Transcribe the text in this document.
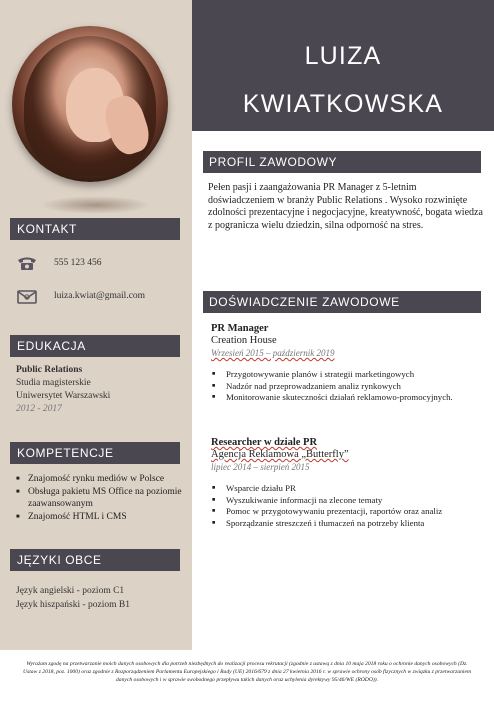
KONTAKT
555 123 456
luiza.kwiat@gmail.com
EDUKACJA
Public Relations
Studia magisterskie
Uniwersytet Warszawski
2012 - 2017
KOMPETENCJE
■ Znajomość rynku mediów w Polsce
■ Obsługa pakietu MS Office na poziomie zaawansowanym
■ Znajomość HTML i CMS
JĘZYKI OBCE
Język angielski - poziom C1
Język hiszpański - poziom B1
LUIZA
KWIATKOWSKA
PROFIL ZAWODOWY
Pełen pasji i zaangażowania PR Manager z 5-letnim doświadczeniem w branży Public Relations . Wysoko rozwinięte zdolności prezentacyjne i negocjacyjne, kreatywność, bogata wiedza z pogranicza wielu dziedzin, silna odporność na stres.
DOŚWIADCZENIE ZAWODOWE
PR Manager
Creation House
Wrzesień 2015 – październik 2019
■ Przygotowywanie planów i strategii marketingowych
■ Nadzór nad przeprowadzaniem analiz rynkowych
■ Monitorowanie skuteczności działań reklamowo-promocyjnych.
Researcher w dziale PR
Agencja Reklamowa „Butterfly”
lipiec 2014 – sierpień 2015
■ Wsparcie działu PR
■ Wyszukiwanie informacji na zlecone tematy
■ Pomoc w przygotowywaniu prezentacji, raportów oraz analiz
■ Sporządzanie streszczeń i tłumaczeń na potrzeby klienta
Wyrażam zgodę na przetwarzanie moich danych osobowych dla potrzeb niezbędnych do realizacji procesu rekrutacji (zgodnie z ustawą z dnia 10 maja 2018 roku o ochronie danych osobowych (Dz. Ustaw z 2018, poz. 1000) oraz zgodnie z Rozporządzeniem Parlamentu Europejskiego i Rady (UE) 2016/679 z dnia 27 kwietnia 2016 r. w sprawie ochrony osób fizycznych w związku z przetwarzaniem danych osobowych i w sprawie swobodnego przepływu takich danych oraz uchylenia dyrektywy 95/46/WE (RODO)).
